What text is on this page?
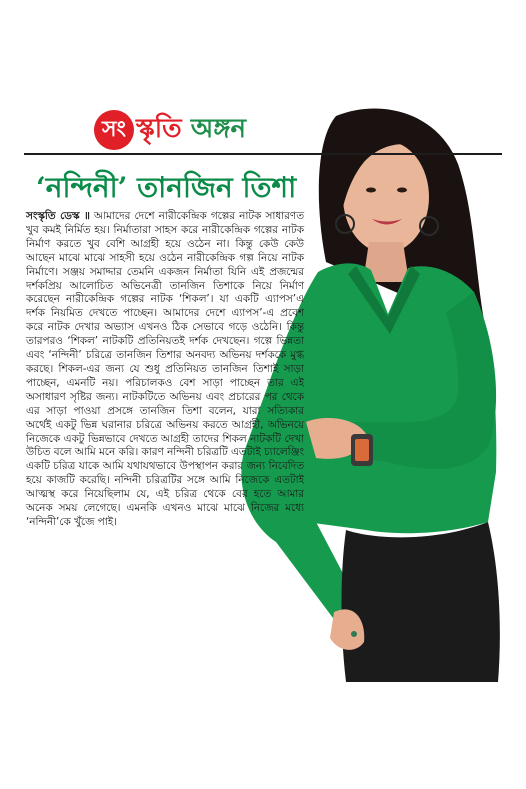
সং স্কৃতি অঙ্গন
‘নন্দিনী’ তানজিন তিশা

সংস্কৃতি ডেস্ক ॥ আমাদের দেশে নারীকেন্দ্রিক গল্পের নাটক সাধারণত খুব কমই নির্মিত হয়। নির্মাতারা সাহস করে নারীকেন্দ্রিক গল্পের নাটক নির্মাণ করতে খুব বেশি আগ্রহী হয়ে ওঠেন না। কিন্তু কেউ কেউ আছেন মাঝে মাঝে সাহসী হয়ে ওঠেন নারীকেন্দ্রিক গল্প নিয়ে নাটক নির্মাণে। সঞ্জয় সমাদ্দার তেমনি একজন নির্মাতা যিনি এই প্রজন্মের দর্শকপ্রিয় আলোচিত অভিনেত্রী তানজিন তিশাকে নিয়ে নির্মাণ করেছেন নারীকেন্দ্রিক গল্পের নাটক ‘শিকল’। যা একটি এ্যাপস’এ দর্শক নিয়মিত দেখতে পাচ্ছেন। আমাদের দেশে এ্যাপস’-এ প্রবেশ করে নাটক দেখার অভ্যাস এখনও ঠিক সেভাবে গড়ে ওঠেনি। কিন্তু তারপরও ‘শিকল’ নাটকটি প্রতিনিয়তই দর্শক দেখছেন। গল্পে ভিন্নতা এবং ‘নন্দিনী’ চরিত্রে তানজিন তিশার অনবদ্য অভিনয় দর্শককে মুগ্ধ করছে। শিকল-এর জন্য যে শুধু প্রতিনিয়ত তানজিন তিশাই সাড়া পাচ্ছেন, এমনটি নয়। পরিচালকও বেশ সাড়া পাচ্ছেন তার এই অসাধারণ সৃষ্টির জন্য। নাটকটিতে অভিনয় এবং প্রচারের পর থেকে এর সাড়া পাওয়া প্রসঙ্গে তানজিন তিশা বলেন, যারা সত্যিকার অর্থেই একটু ভিন্ন ঘরানার চরিত্রে অভিনয় করতে আগ্রহী, অভিনয়ে নিজেকে একটু ভিন্নভাবে দেখতে আগ্রহী তাদের শিকল নাটকটি দেখা উচিত বলে আমি মনে করি। কারণ নন্দিনী চরিত্রটি এতটাই চ্যালেঞ্জিং একটি চরিত্র যাকে আমি যথাযথভাবে উপস্থাপন করার জন্য নিবেদিত হয়ে কাজটি করেছি। নন্দিনী চরিত্রটির সঙ্গে আমি নিজেকে এতটাই আত্মস্থ করে নিয়েছিলাম যে, এই চরিত্র থেকে বের হতে আমার অনেক সময় লেগেছে। এমনকি এখনও মাঝে মাঝে নিজের মধ্যে ‘নন্দিনী’কে খুঁজে পাই।
